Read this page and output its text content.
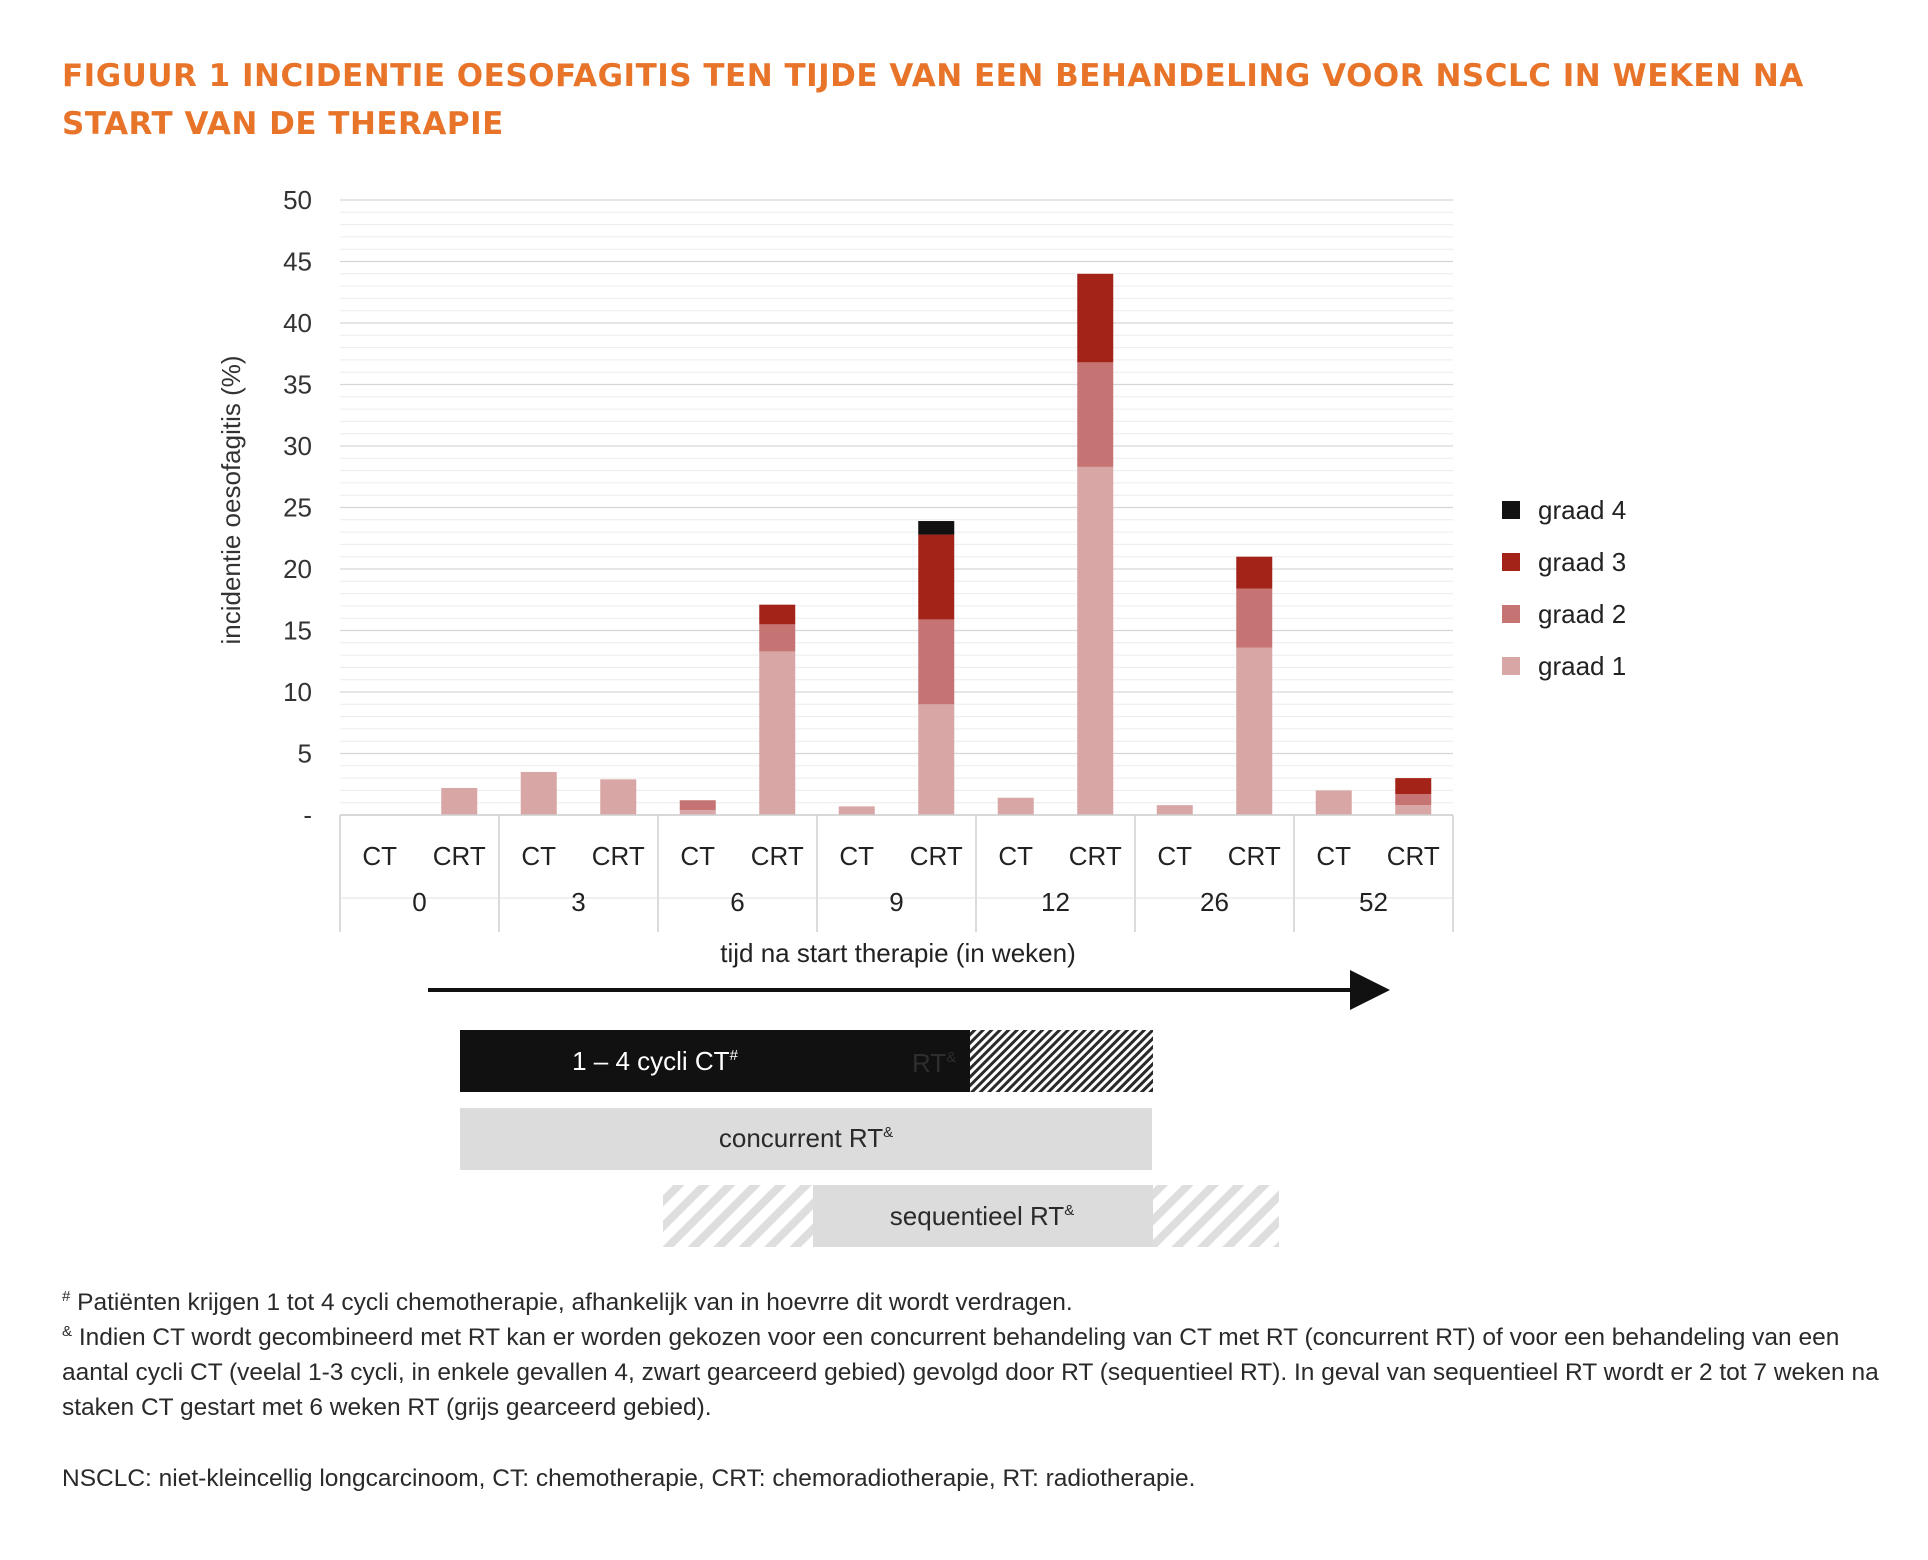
FIGUUR 1 INCIDENTIE OESOFAGITIS TEN TIJDE VAN EEN BEHANDELING VOOR NSCLC IN WEKEN NA START VAN DE THERAPIE
-
5
10
15
20
25
30
35
40
45
50
CT CRT CT CRT CT CRT CT CRT CT CRT CT CRT CT CRT
0	3	6	9	12	26	52
incidentie oesofagitis (%)
tijd na start therapie (in weken)
graad 4
graad 3
graad 2
graad 1
1 – 4 cycli CT#	RT&
concurrent RT&
sequentieel RT&

# Patiënten krijgen 1 tot 4 cycli chemotherapie, afhankelijk van in hoevrre dit wordt verdragen.

& Indien CT wordt gecombineerd met RT kan er worden gekozen voor een concurrent behandeling van CT met RT (concurrent RT) of voor een behandeling van een aantal cycli CT (veelal 1-3 cycli, in enkele gevallen 4, zwart gearceerd gebied) gevolgd door RT (sequentieel RT). In geval van sequentieel RT wordt er 2 tot 7 weken na staken CT gestart met 6 weken RT (grijs gearceerd gebied).

NSCLC: niet-kleincellig longcarcinoom, CT: chemotherapie, CRT: chemoradiotherapie, RT: radiotherapie.
